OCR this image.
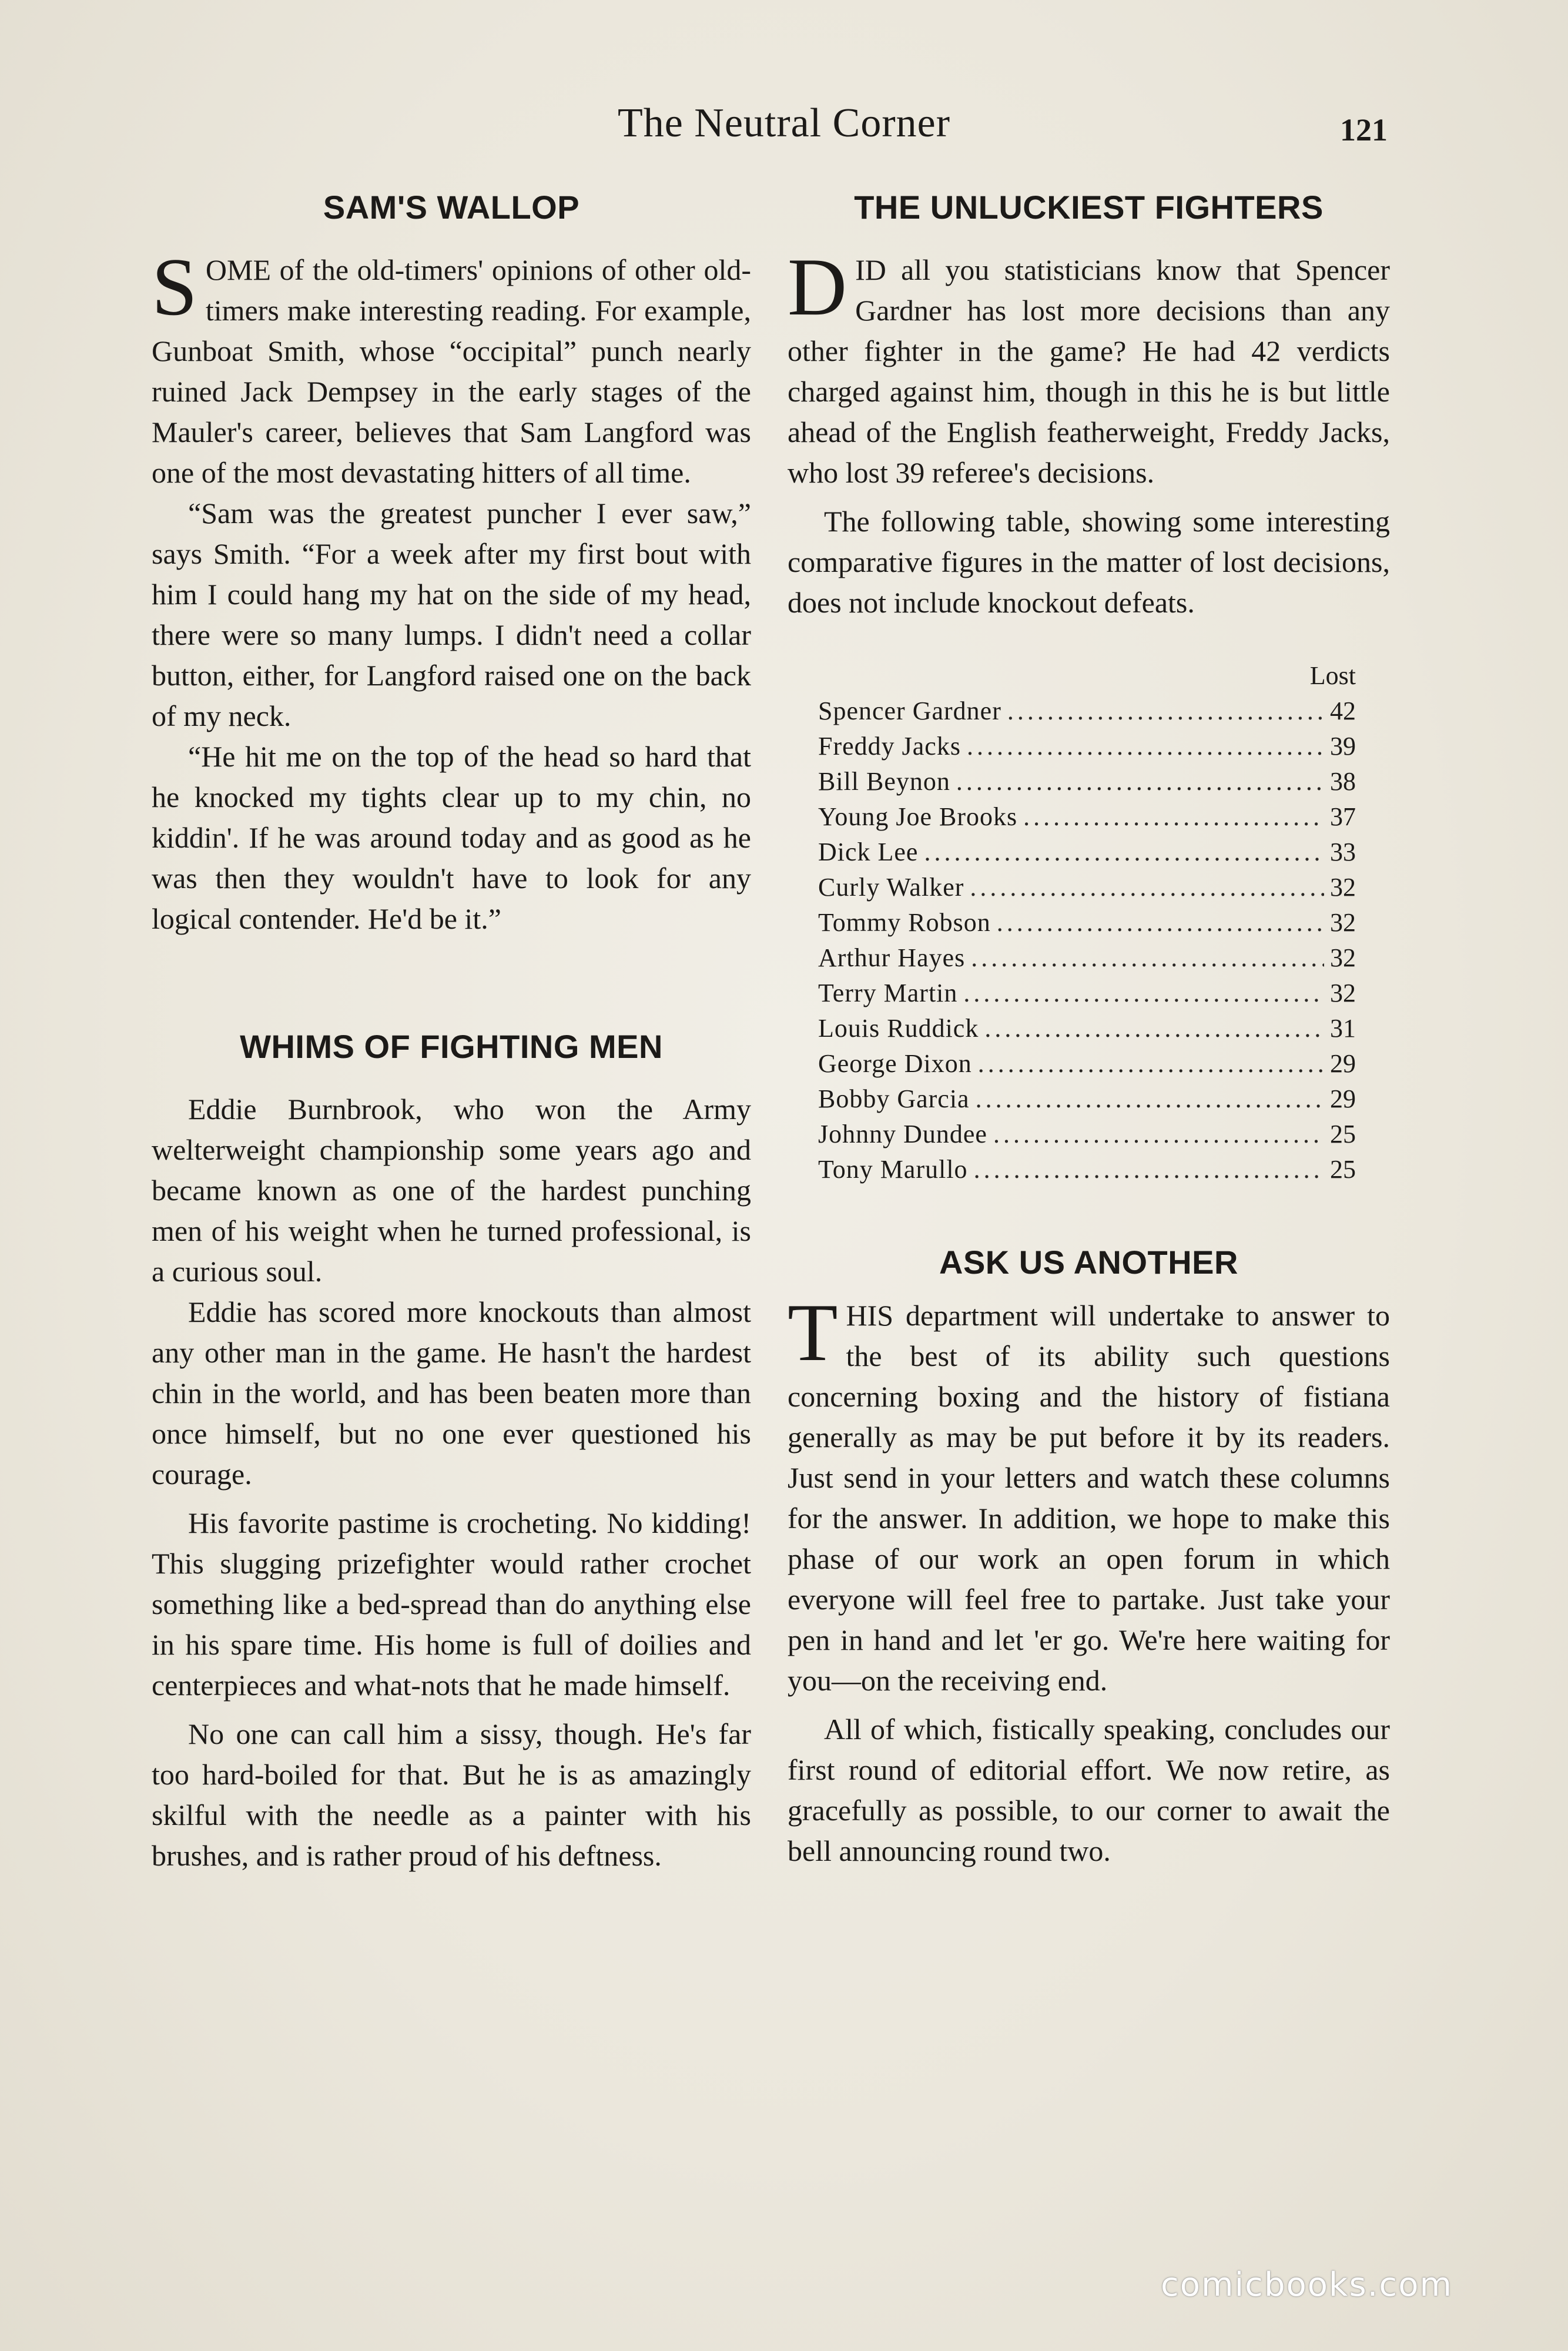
The Neutral Corner	121
SAM'S WALLOP

SOME of the old-timers' opinions of other old-timers make interesting reading. For example, Gunboat Smith, whose “occipital” punch nearly ruined Jack Dempsey in the early stages of the Mauler's career, believes that Sam Langford was one of the most devastating hitters of all time.

“Sam was the greatest puncher I ever saw,” says Smith. “For a week after my first bout with him I could hang my hat on the side of my head, there were so many lumps. I didn't need a collar button, either, for Langford raised one on the back of my neck.

“He hit me on the top of the head so hard that he knocked my tights clear up to my chin, no kiddin'. If he was around today and as good as he was then they wouldn't have to look for any logical contender. He'd be it.”

WHIMS OF FIGHTING MEN

Eddie Burnbrook, who won the Army welterweight championship some years ago and became known as one of the hardest punching men of his weight when he turned professional, is a curious soul.

Eddie has scored more knockouts than almost any other man in the game. He hasn't the hardest chin in the world, and has been beaten more than once himself, but no one ever questioned his courage.

His favorite pastime is crocheting. No kidding! This slugging prizefighter would rather crochet something like a bed-spread than do anything else in his spare time. His home is full of doilies and centerpieces and what-nots that he made himself.

No one can call him a sissy, though. He's far too hard-boiled for that. But he is as amazingly skilful with the needle as a painter with his brushes, and is rather proud of his deftness.

THE UNLUCKIEST FIGHTERS

DID all you statisticians know that Spencer Gardner has lost more decisions than any other fighter in the game? He had 42 verdicts charged against him, though in this he is but little ahead of the English featherweight, Freddy Jacks, who lost 39 referee's decisions.

The following table, showing some interesting comparative figures in the matter of lost decisions, does not include knockout defeats.

Lost
Spencer Gardner .....	42
Freddy Jacks .....	39
Bill Beynon .....	38
Young Joe Brooks .....	37
Dick Lee .....	33
Curly Walker .....	32
Tommy Robson .....	32
Arthur Hayes .....	32
Terry Martin .....	32
Louis Ruddick .....	31
George Dixon .....	29
Bobby Garcia .....	29
Johnny Dundee .....	25
Tony Marullo .....	25
ASK US ANOTHER

THIS department will undertake to answer to the best of its ability such questions concerning boxing and the history of fistiana generally as may be put before it by its readers. Just send in your letters and watch these columns for the answer. In addition, we hope to make this phase of our work an open forum in which everyone will feel free to partake. Just take your pen in hand and let 'er go. We're here waiting for you—on the receiving end.

All of which, fistically speaking, concludes our first round of editorial effort. We now retire, as gracefully as possible, to our corner to await the bell announcing round two.

comicbooks.com
